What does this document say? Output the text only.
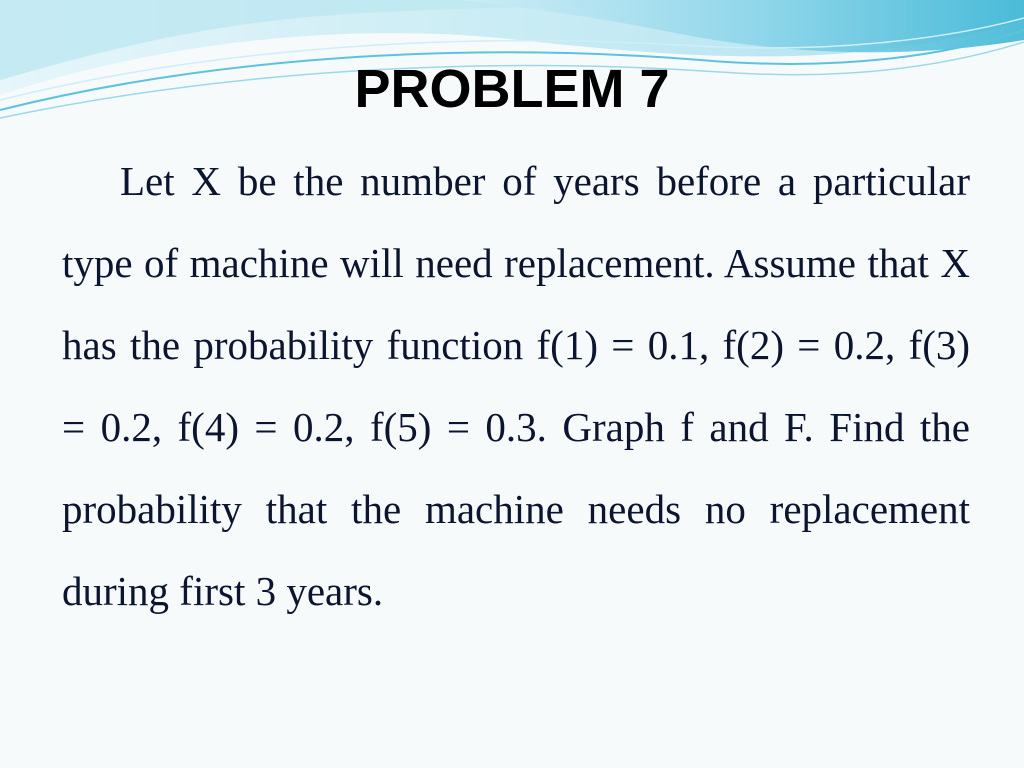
PROBLEM 7
Let X be the number of years before a particular type of machine will need replacement. Assume that X has the probability function f(1) = 0.1, f(2) = 0.2, f(3) = 0.2, f(4) = 0.2, f(5) = 0.3. Graph f and F. Find the probability that the machine needs no replacement during first 3 years.
